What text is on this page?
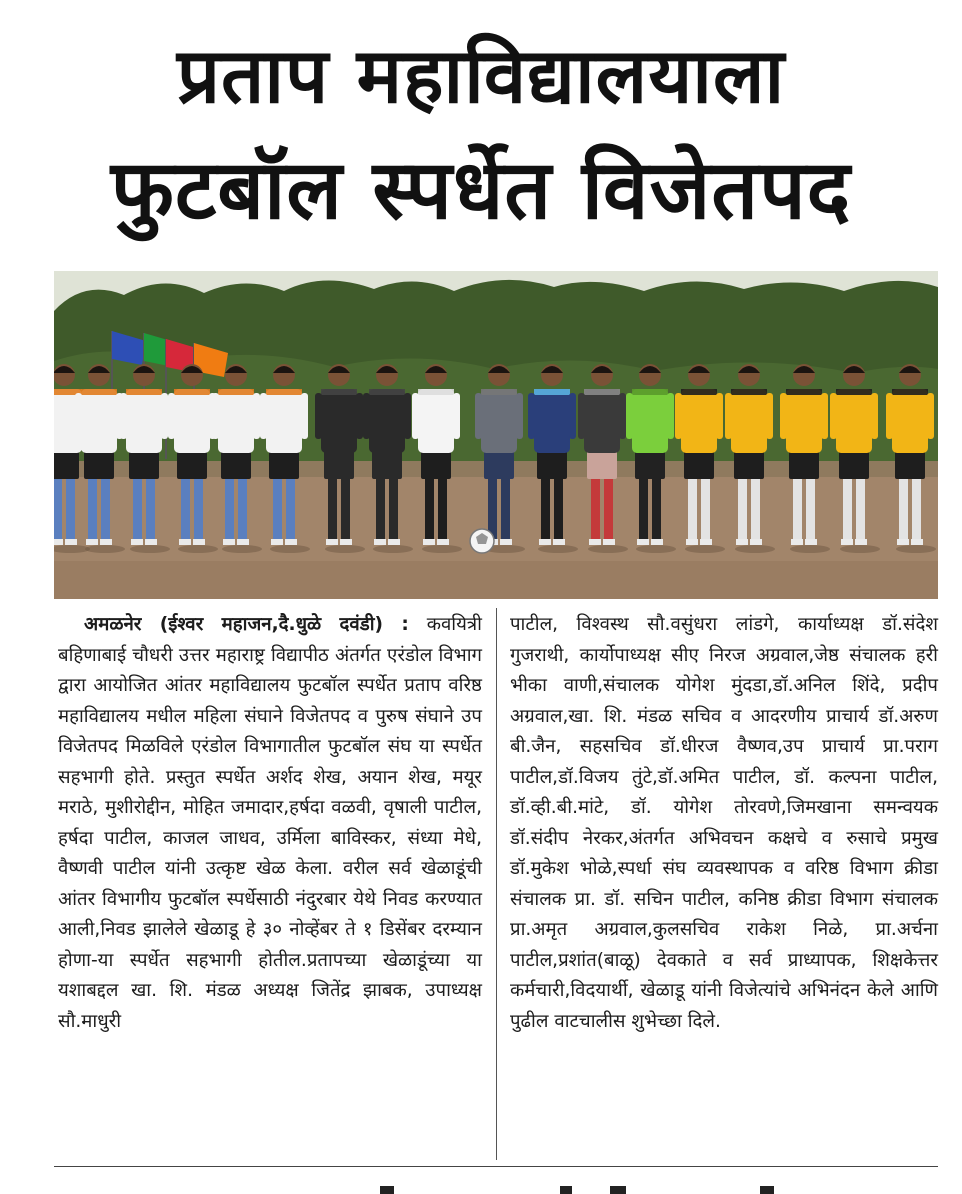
प्रताप महाविद्यालयाला
फुटबॉल स्पर्धेत विजेतपद
अमळनेर (ईश्वर महाजन,दै.धुळे दवंडी) : कवयित्री बहिणाबाई चौधरी उत्तर महाराष्ट्र विद्यापीठ अंतर्गत एरंडोल विभाग द्वारा आयोजित आंतर महाविद्यालय फुटबॉल स्पर्धेत प्रताप वरिष्ठ महाविद्यालय मधील महिला संघाने विजेतपद व पुरुष संघाने उप विजेतपद मिळविले एरंडोल विभागातील फुटबॉल संघ या स्पर्धेत सहभागी होते. प्रस्तुत स्पर्धेत अर्शद शेख, अयान शेख, मयूर मराठे, मुशीरोद्दीन, मोहित जमादार,हर्षदा वळवी, वृषाली पाटील, हर्षदा पाटील, काजल जाधव, उर्मिला बाविस्कर, संध्या मेधे, वैष्णवी पाटील यांनी उत्कृष्ट खेळ केला. वरील सर्व खेळाडूंची आंतर विभागीय फुटबॉल स्पर्धेसाठी नंदुरबार येथे निवड करण्यात आली,निवड झालेले खेळाडू हे ३० नोव्हेंबर ते १ डिसेंबर दरम्यान होणा-या स्पर्धेत सहभागी होतील.प्रतापच्या खेळाडूंच्या या यशाबद्दल खा. शि. मंडळ अध्यक्ष जितेंद्र झाबक, उपाध्यक्ष सौ.माधुरी
पाटील, विश्वस्थ सौ.वसुंधरा लांडगे, कार्याध्यक्ष डॉ.संदेश गुजराथी, कार्योपाध्यक्ष सीए निरज अग्रवाल,जेष्ठ संचालक हरी भीका वाणी,संचालक योगेश मुंदडा,डॉ.अनिल शिंदे, प्रदीप अग्रवाल,खा. शि. मंडळ सचिव व आदरणीय प्राचार्य डॉ.अरुण बी.जैन, सहसचिव डॉ.धीरज वैष्णव,उप प्राचार्य प्रा.पराग पाटील,डॉ.विजय तुंटे,डॉ.अमित पाटील, डॉ. कल्पना पाटील, डॉ.व्ही.बी.मांटे, डॉ. योगेश तोरवणे,जिमखाना समन्वयक डॉ.संदीप नेरकर,अंतर्गत अभिवचन कक्षचे व रुसाचे प्रमुख डॉ.मुकेश भोळे,स्पर्धा संघ व्यवस्थापक व वरिष्ठ विभाग क्रीडा संचालक प्रा. डॉ. सचिन पाटील, कनिष्ठ क्रीडा विभाग संचालक प्रा.अमृत अग्रवाल,कुलसचिव राकेश निळे, प्रा.अर्चना पाटील,प्रशांत(बाळू) देवकाते व सर्व प्राध्यापक, शिक्षकेत्तर कर्मचारी,विदयार्थी, खेळाडू यांनी विजेत्यांचे अभिनंदन केले आणि पुढील वाटचालीस शुभेच्छा दिले.
